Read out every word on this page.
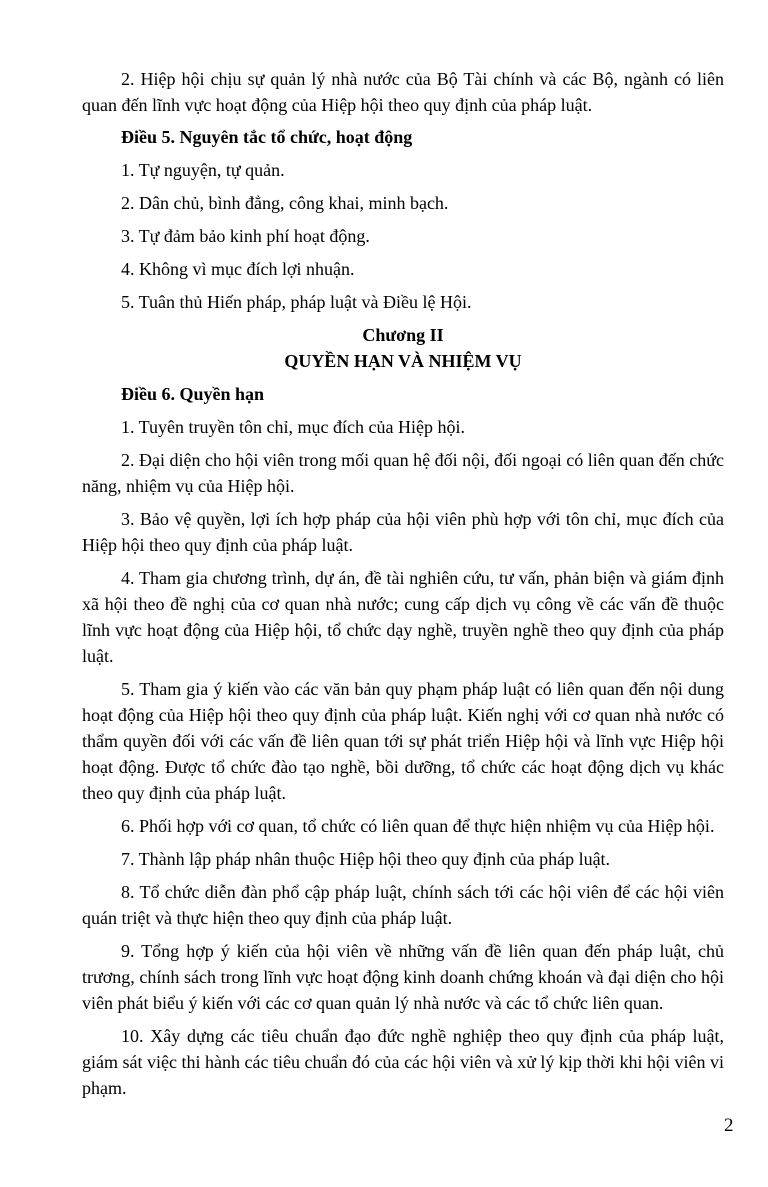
2. Hiệp hội chịu sự quản lý nhà nước của Bộ Tài chính và các Bộ, ngành có liên quan đến lĩnh vực hoạt động của Hiệp hội theo quy định của pháp luật.

Điều 5. Nguyên tắc tổ chức, hoạt động

1. Tự nguyện, tự quản.

2. Dân chủ, bình đẳng, công khai, minh bạch.

3. Tự đảm bảo kinh phí hoạt động.

4. Không vì mục đích lợi nhuận.

5. Tuân thủ Hiến pháp, pháp luật và Điều lệ Hội.

Chương II

QUYỀN HẠN VÀ NHIỆM VỤ

Điều 6. Quyền hạn

1. Tuyên truyền tôn chỉ, mục đích của Hiệp hội.

2. Đại diện cho hội viên trong mối quan hệ đối nội, đối ngoại có liên quan đến chức năng, nhiệm vụ của Hiệp hội.

3. Bảo vệ quyền, lợi ích hợp pháp của hội viên phù hợp với tôn chỉ, mục đích của Hiệp hội theo quy định của pháp luật.

4. Tham gia chương trình, dự án, đề tài nghiên cứu, tư vấn, phản biện và giám định xã hội theo đề nghị của cơ quan nhà nước; cung cấp dịch vụ công về các vấn đề thuộc lĩnh vực hoạt động của Hiệp hội, tổ chức dạy nghề, truyền nghề theo quy định của pháp luật.

5. Tham gia ý kiến vào các văn bản quy phạm pháp luật có liên quan đến nội dung hoạt động của Hiệp hội theo quy định của pháp luật. Kiến nghị với cơ quan nhà nước có thẩm quyền đối với các vấn đề liên quan tới sự phát triển Hiệp hội và lĩnh vực Hiệp hội hoạt động. Được tổ chức đào tạo nghề, bồi dưỡng, tổ chức các hoạt động dịch vụ khác theo quy định của pháp luật.

6. Phối hợp với cơ quan, tổ chức có liên quan để thực hiện nhiệm vụ của Hiệp hội.

7. Thành lập pháp nhân thuộc Hiệp hội theo quy định của pháp luật.

8. Tổ chức diễn đàn phổ cập pháp luật, chính sách tới các hội viên để các hội viên quán triệt và thực hiện theo quy định của pháp luật.

9. Tổng hợp ý kiến của hội viên về những vấn đề liên quan đến pháp luật, chủ trương, chính sách trong lĩnh vực hoạt động kinh doanh chứng khoán và đại diện cho hội viên phát biểu ý kiến với các cơ quan quản lý nhà nước và các tổ chức liên quan.

10. Xây dựng các tiêu chuẩn đạo đức nghề nghiệp theo quy định của pháp luật, giám sát việc thi hành các tiêu chuẩn đó của các hội viên và xử lý kịp thời khi hội viên vi phạm.

2
